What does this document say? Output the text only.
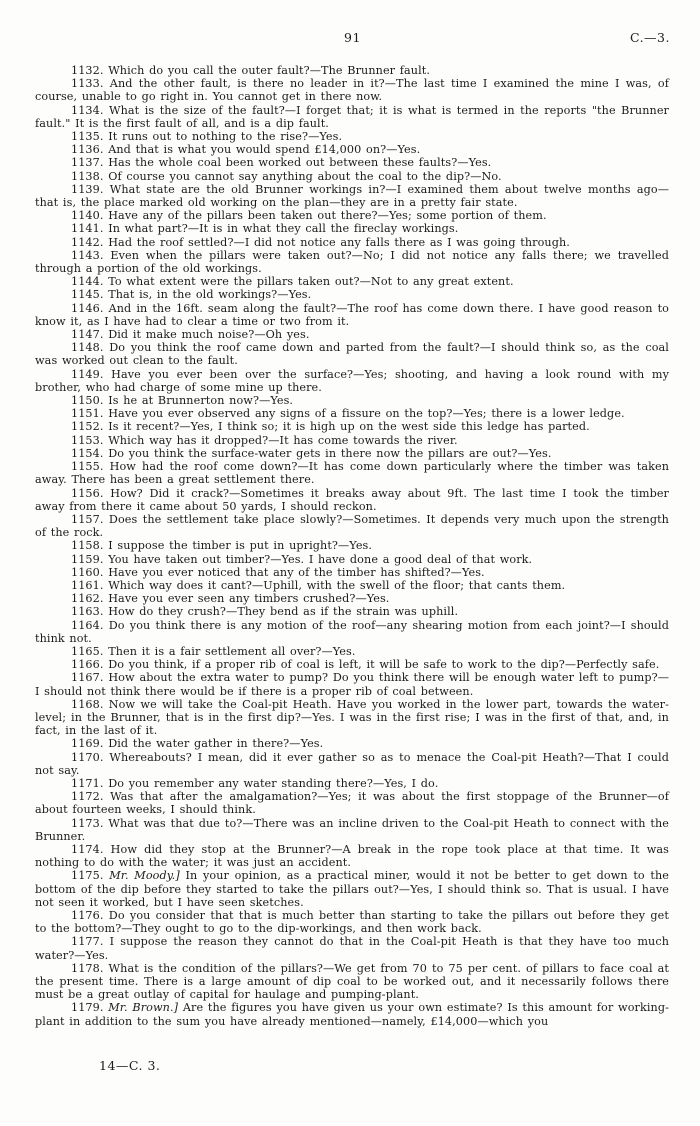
91	C.—3.

1132. Which do you call the outer fault?—The Brunner fault.

1133. And the other fault, is there no leader in it?—The last time I examined the mine I was, of course, unable to go right in. You cannot get in there now.

1134. What is the size of the fault?—I forget that; it is what is termed in the reports "the Brunner fault." It is the first fault of all, and is a dip fault.

1135. It runs out to nothing to the rise?—Yes.

1136. And that is what you would spend £14,000 on?—Yes.

1137. Has the whole coal been worked out between these faults?—Yes.

1138. Of course you cannot say anything about the coal to the dip?—No.

1139. What state are the old Brunner workings in?—I examined them about twelve months ago—that is, the place marked old working on the plan—they are in a pretty fair state.

1140. Have any of the pillars been taken out there?—Yes; some portion of them.

1141. In what part?—It is in what they call the fireclay workings.

1142. Had the roof settled?—I did not notice any falls there as I was going through.

1143. Even when the pillars were taken out?—No; I did not notice any falls there; we travelled through a portion of the old workings.

1144. To what extent were the pillars taken out?—Not to any great extent.

1145. That is, in the old workings?—Yes.

1146. And in the 16ft. seam along the fault?—The roof has come down there. I have good reason to know it, as I have had to clear a time or two from it.

1147. Did it make much noise?—Oh yes.

1148. Do you think the roof came down and parted from the fault?—I should think so, as the coal was worked out clean to the fault.

1149. Have you ever been over the surface?—Yes; shooting, and having a look round with my brother, who had charge of some mine up there.

1150. Is he at Brunnerton now?—Yes.

1151. Have you ever observed any signs of a fissure on the top?—Yes; there is a lower ledge.

1152. Is it recent?—Yes, I think so; it is high up on the west side this ledge has parted.

1153. Which way has it dropped?—It has come towards the river.

1154. Do you think the surface-water gets in there now the pillars are out?—Yes.

1155. How had the roof come down?—It has come down particularly where the timber was taken away. There has been a great settlement there.

1156. How? Did it crack?—Sometimes it breaks away about 9ft. The last time I took the timber away from there it came about 50 yards, I should reckon.

1157. Does the settlement take place slowly?—Sometimes. It depends very much upon the strength of the rock.

1158. I suppose the timber is put in upright?—Yes.

1159. You have taken out timber?—Yes. I have done a good deal of that work.

1160. Have you ever noticed that any of the timber has shifted?—Yes.

1161. Which way does it cant?—Uphill, with the swell of the floor; that cants them.

1162. Have you ever seen any timbers crushed?—Yes.

1163. How do they crush?—They bend as if the strain was uphill.

1164. Do you think there is any motion of the roof—any shearing motion from each joint?—I should think not.

1165. Then it is a fair settlement all over?—Yes.

1166. Do you think, if a proper rib of coal is left, it will be safe to work to the dip?—Perfectly safe.

1167. How about the extra water to pump? Do you think there will be enough water left to pump?—I should not think there would be if there is a proper rib of coal between.

1168. Now we will take the Coal-pit Heath. Have you worked in the lower part, towards the water-level; in the Brunner, that is in the first dip?—Yes. I was in the first rise; I was in the first of that, and, in fact, in the last of it.

1169. Did the water gather in there?—Yes.

1170. Whereabouts? I mean, did it ever gather so as to menace the Coal-pit Heath?—That I could not say.

1171. Do you remember any water standing there?—Yes, I do.

1172. Was that after the amalgamation?—Yes; it was about the first stoppage of the Brunner—of about fourteen weeks, I should think.

1173. What was that due to?—There was an incline driven to the Coal-pit Heath to connect with the Brunner.

1174. How did they stop at the Brunner?—A break in the rope took place at that time. It was nothing to do with the water; it was just an accident.

1175. Mr. Moody.] In your opinion, as a practical miner, would it not be better to get down to the bottom of the dip before they started to take the pillars out?—Yes, I should think so. That is usual. I have not seen it worked, but I have seen sketches.

1176. Do you consider that that is much better than starting to take the pillars out before they get to the bottom?—They ought to go to the dip-workings, and then work back.

1177. I suppose the reason they cannot do that in the Coal-pit Heath is that they have too much water?—Yes.

1178. What is the condition of the pillars?—We get from 70 to 75 per cent. of pillars to face coal at the present time. There is a large amount of dip coal to be worked out, and it necessarily follows there must be a great outlay of capital for haulage and pumping-plant.

1179. Mr. Brown.] Are the figures you have given us your own estimate? Is this amount for working-plant in addition to the sum you have already mentioned—namely, £14,000—which you

14—C. 3.
